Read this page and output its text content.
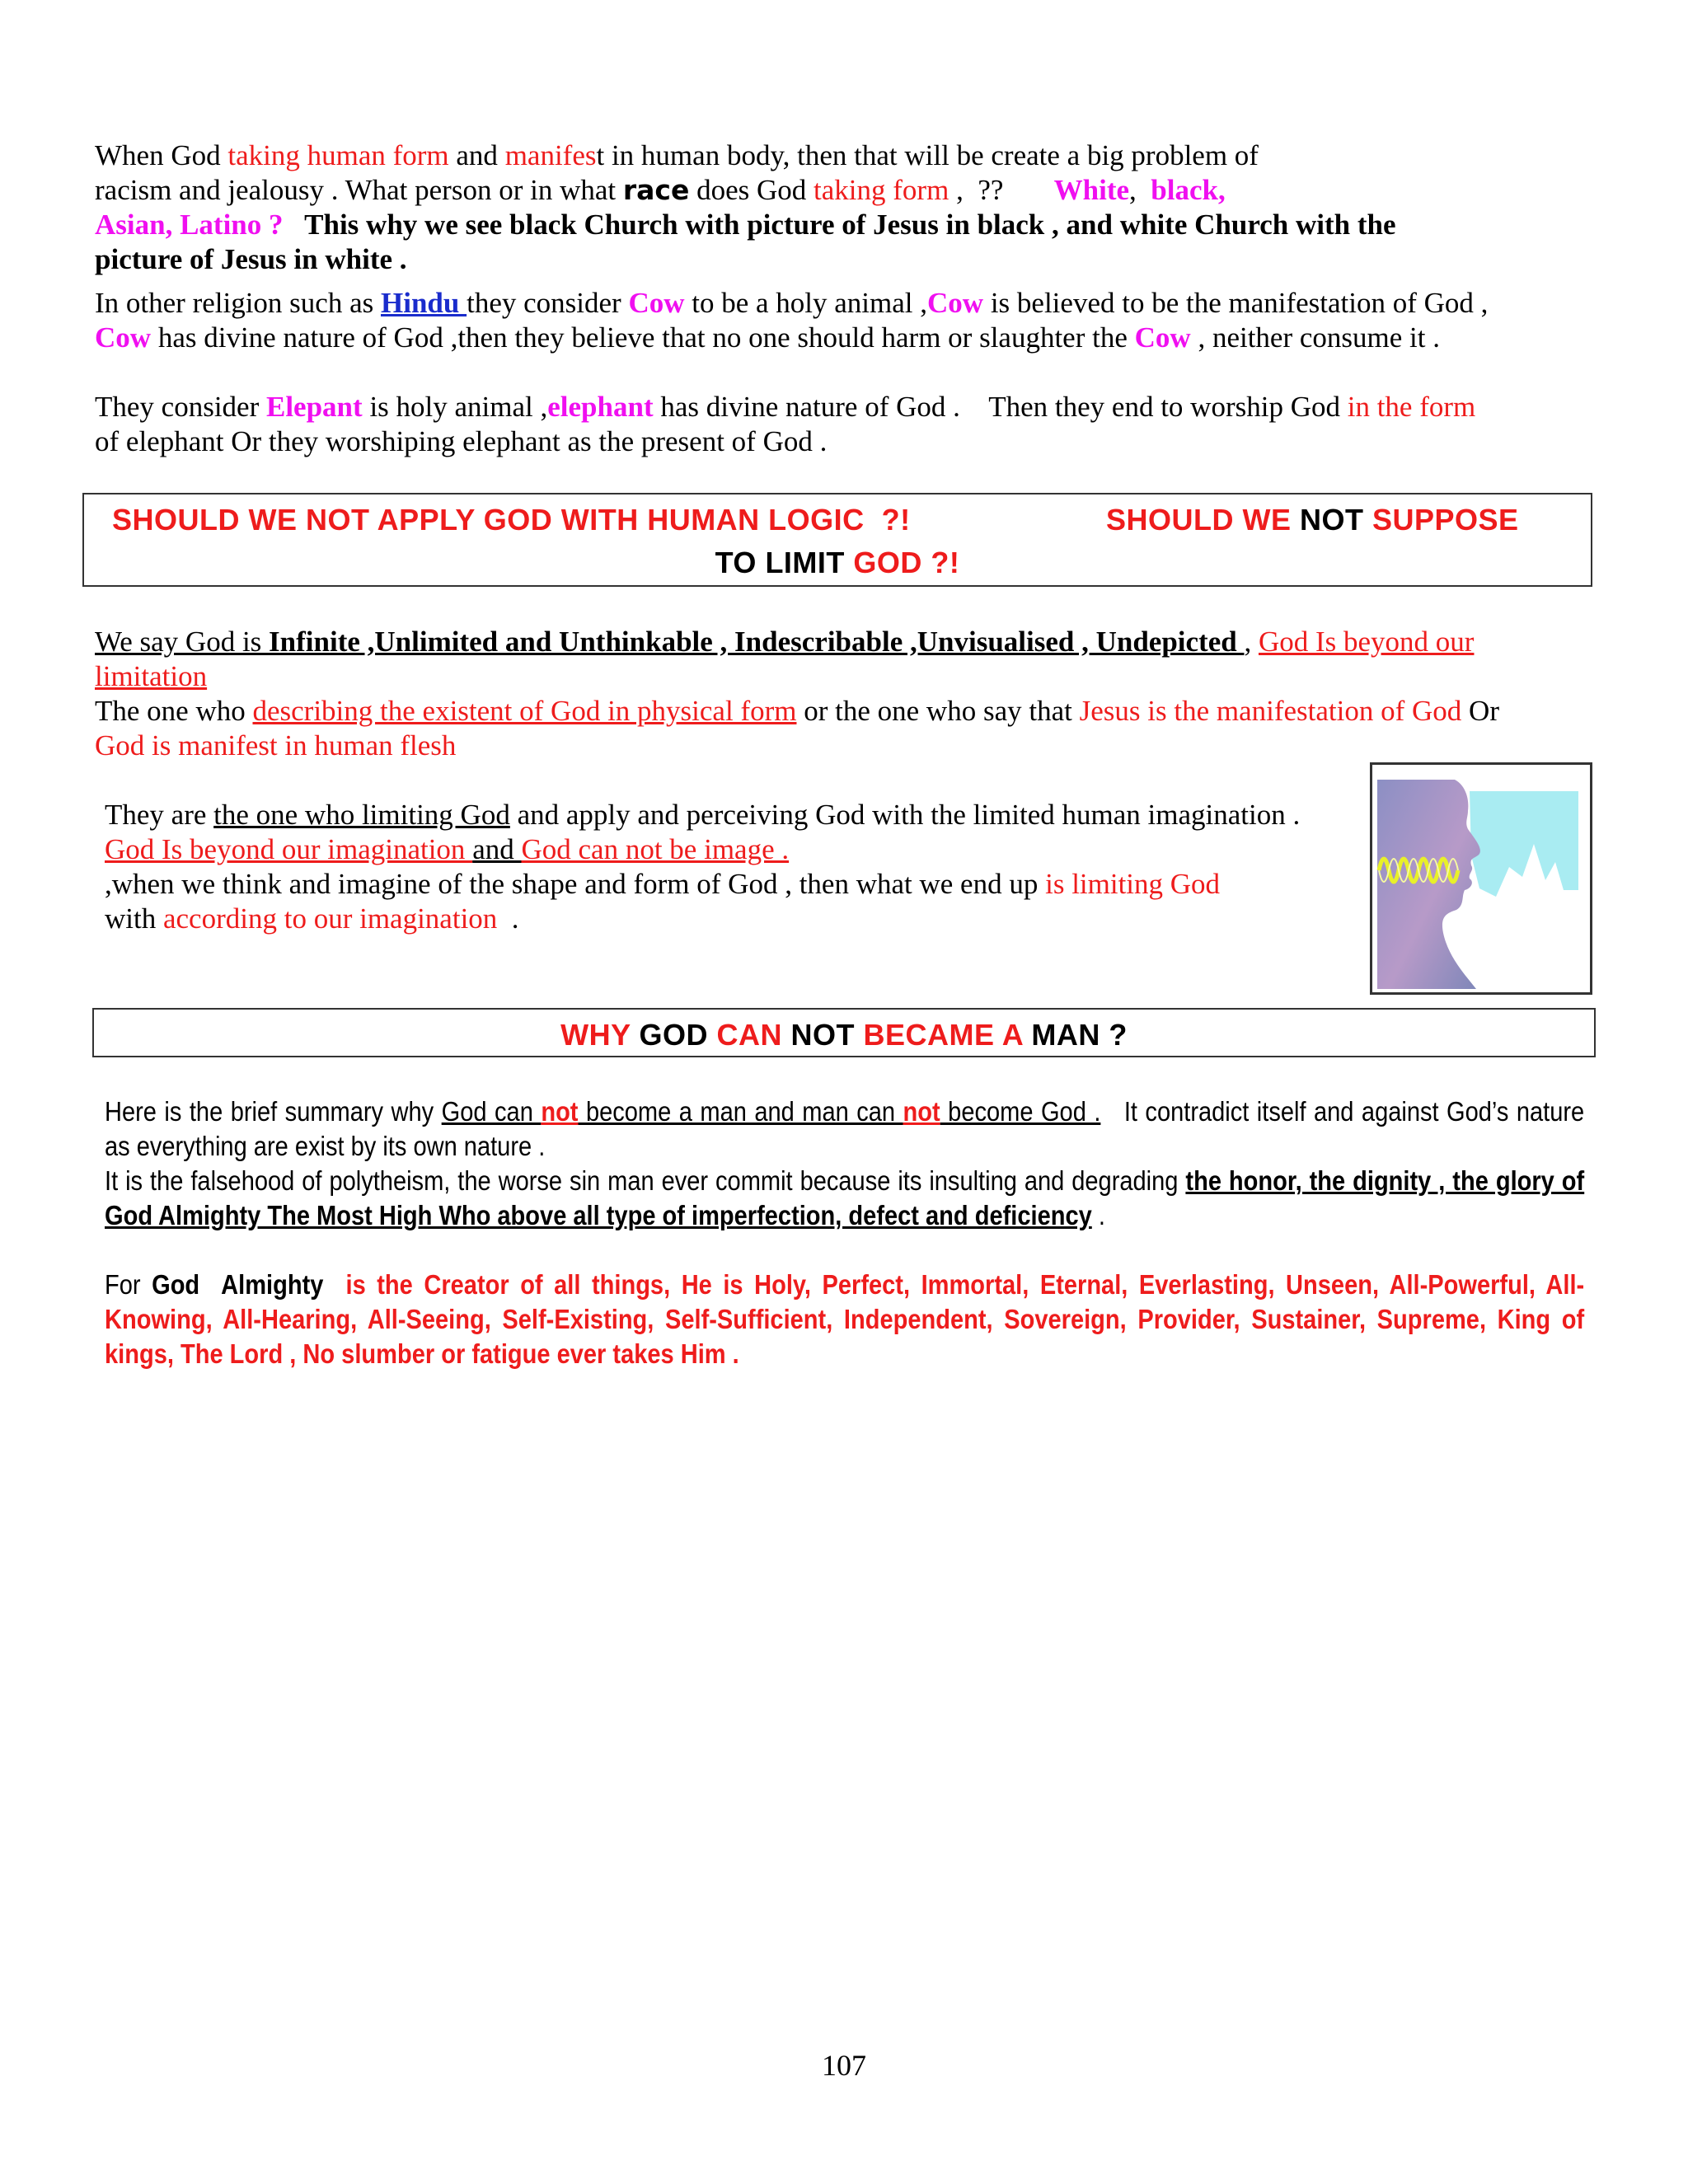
When God taking human form and manifest in human body, then that will be create a big problem of
racism and jealousy . What person or in what race does God taking form ,  ??       White,  black,
Asian, Latino ?   This why we see black Church with picture of Jesus in black , and white Church with the picture of Jesus in white .
In other religion such as Hindu they consider Cow to be a holy animal ,Cow is believed to be the manifestation of God ,
Cow has divine nature of God ,then they believe that no one should harm or slaughter the Cow , neither consume it .
They consider Elepant is holy animal ,elephant has divine nature of God .    Then they end to worship God in the form
of elephant Or they worshiping elephant as the present of God .
SHOULD WE NOT APPLY GOD WITH HUMAN LOGIC  ?!	SHOULD WE NOT SUPPOSE
TO LIMIT GOD ?!
We say God is Infinite ,Unlimited and Unthinkable , Indescribable ,Unvisualised , Undepicted , God Is beyond our limitation
The one who describing the existent of God in physical form or the one who say that Jesus is the manifestation of God Or
God is manifest in human flesh
They are the one who limiting God and apply and perceiving God with the limited human imagination .
God Is beyond our imagination and God can not be image .
,when we think and imagine of the shape and form of God , then what we end up is limiting God
with according to our imagination  .
WHY GOD CAN NOT BECAME A MAN ?
Here is the brief summary why God can not become a man and man can not become God .   It contradict itself and against God’s nature as everything are exist by its own nature .
It is the falsehood of polytheism, the worse sin man ever commit because its insulting and degrading the honor, the dignity , the glory of God Almighty The Most High Who above all type of imperfection, defect and deficiency .
For God  Almighty  is the Creator of all things, He is Holy, Perfect, Immortal, Eternal, Everlasting, Unseen, All-Powerful, All-Knowing, All-Hearing, All-Seeing, Self-Existing, Self-Sufficient, Independent, Sovereign, Provider, Sustainer, Supreme, King of kings, The Lord , No slumber or fatigue ever takes Him .
107
